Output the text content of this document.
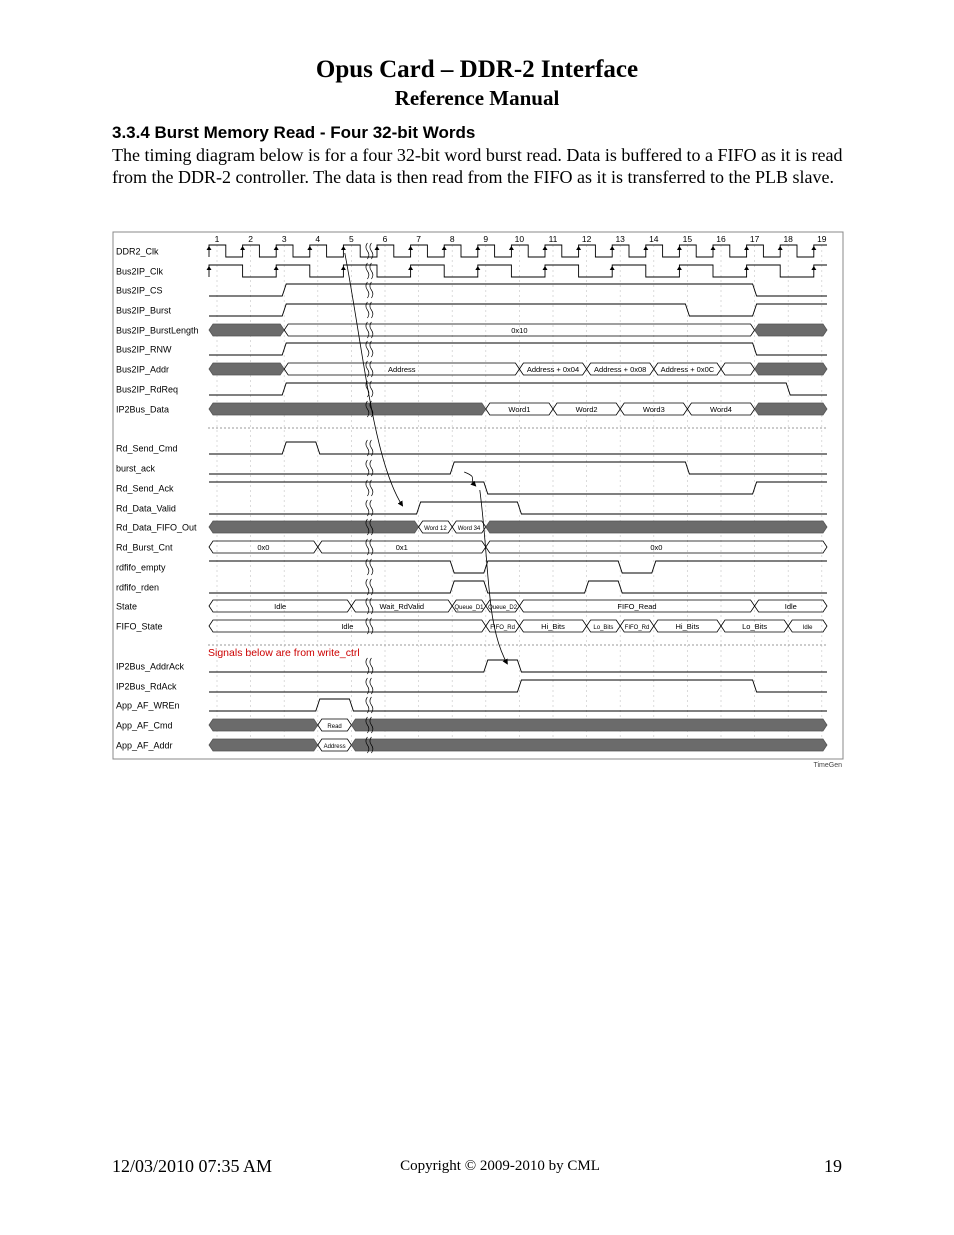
Opus Card – DDR-2 Interface
Reference Manual
3.3.4 Burst Memory Read - Four 32-bit Words

The timing diagram below is for a four 32-bit word burst read. Data is buffered to a FIFO as it is read from the DDR-2 controller. The data is then read from the FIFO as it is transferred to the PLB slave.

DDR2_Clk
Bus2IP_Clk
Bus2IP_CS
Bus2IP_Burst
Bus2IP_BurstLength
Bus2IP_RNW
Bus2IP_Addr
Bus2IP_RdReq
IP2Bus_Data
Rd_Send_Cmd
burst_ack
Rd_Send_Ack
Rd_Data_Valid
Rd_Data_FIFO_Out
Rd_Burst_Cnt
rdfifo_empty
rdfifo_rden
State
FIFO_State
IP2Bus_AddrAck
IP2Bus_RdAck
App_AF_WREn
App_AF_Cmd
App_AF_Addr
1	2	3	4	5	6	7	8	9	10	11	12	13	14	15	16	17	18	19
0x10
Address	Address + 0x04 Address + 0x08 Address + 0x0C
Word1	Word2	Word3	Word4
Word 12 Word 34
0x0	0x1	0x0
Idle	Wait_RdValid	Queue_D1 Queue_D2	FIFO_Read	Idle
Idle	FIFO_Rd	Hi_Bits	Lo_Bits FIFO_Rd	Hi_Bits	Lo_Bits	Idle
Read
Address
Signals below are from write_ctrl
TimeGen
12/03/2010 07:35 AM	Copyright © 2009-2010 by CML	19
